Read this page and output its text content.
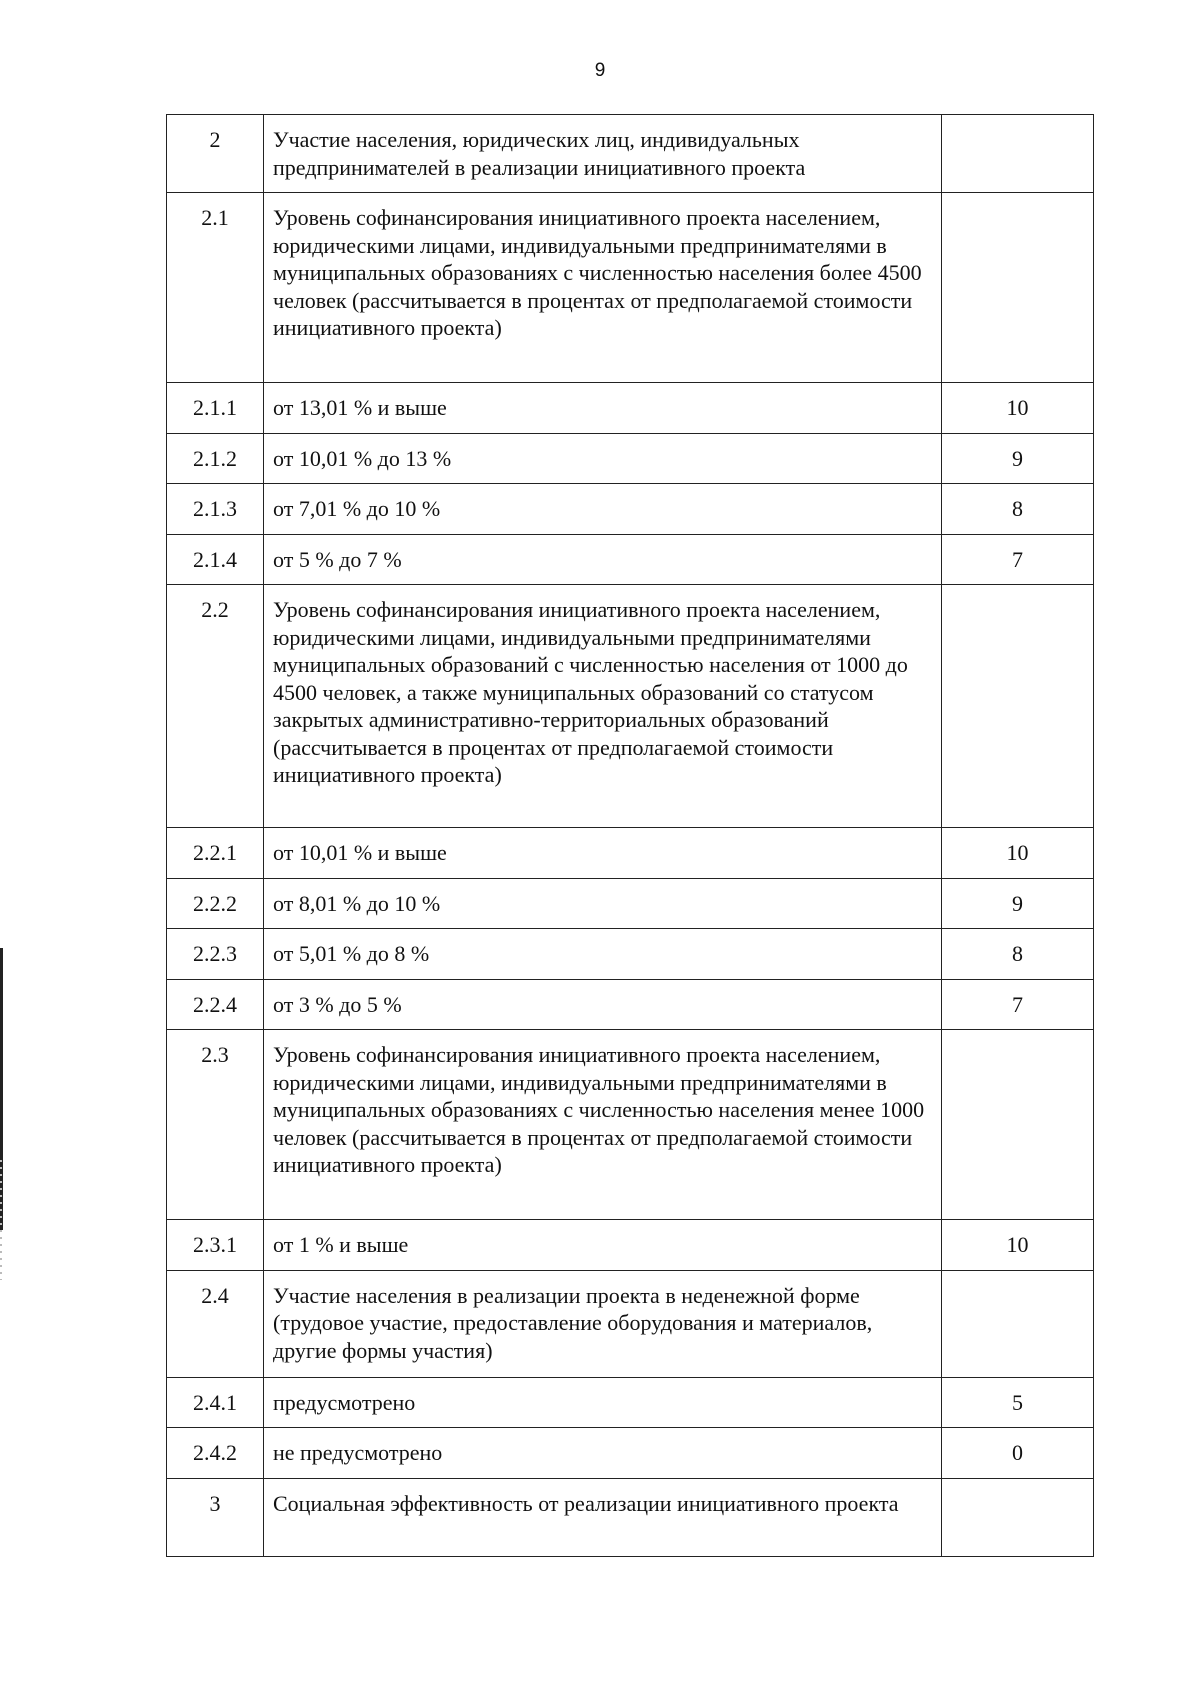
9
2	Участие населения, юридических лиц, индивидуальных предпринимателей в реализации инициативного проекта	
2.1	Уровень софинансирования инициативного проекта населением, юридическими лицами, индивидуальными предпринимателями в муниципальных образованиях с численностью населения более 4500 человек (рассчитывается в процентах от предполагаемой стоимости инициативного проекта)	
2.1.1	от 13,01 % и выше	10
2.1.2	от 10,01 % до 13 %	9
2.1.3	от 7,01 % до 10 %	8
2.1.4	от 5 % до 7 %	7
2.2	Уровень софинансирования инициативного проекта населением, юридическими лицами, индивидуальными предпринимателями муниципальных образований с численностью населения от 1000 до 4500 человек, а также муниципальных образований со статусом закрытых административно-территориальных образований (рассчитывается в процентах от предполагаемой стоимости инициативного проекта)	
2.2.1	от 10,01 % и выше	10
2.2.2	от 8,01 % до 10 %	9
2.2.3	от 5,01 % до 8 %	8
2.2.4	от 3 % до 5 %	7
2.3	Уровень софинансирования инициативного проекта населением, юридическими лицами, индивидуальными предпринимателями в муниципальных образованиях с численностью населения менее 1000 человек (рассчитывается в процентах от предполагаемой стоимости инициативного проекта)	
2.3.1	от 1 % и выше	10
2.4	Участие населения в реализации проекта в неденежной форме (трудовое участие, предоставление оборудования и материалов, другие формы участия)	
2.4.1	предусмотрено	5
2.4.2	не предусмотрено	0
3	Социальная эффективность от реализации инициативного проекта	
